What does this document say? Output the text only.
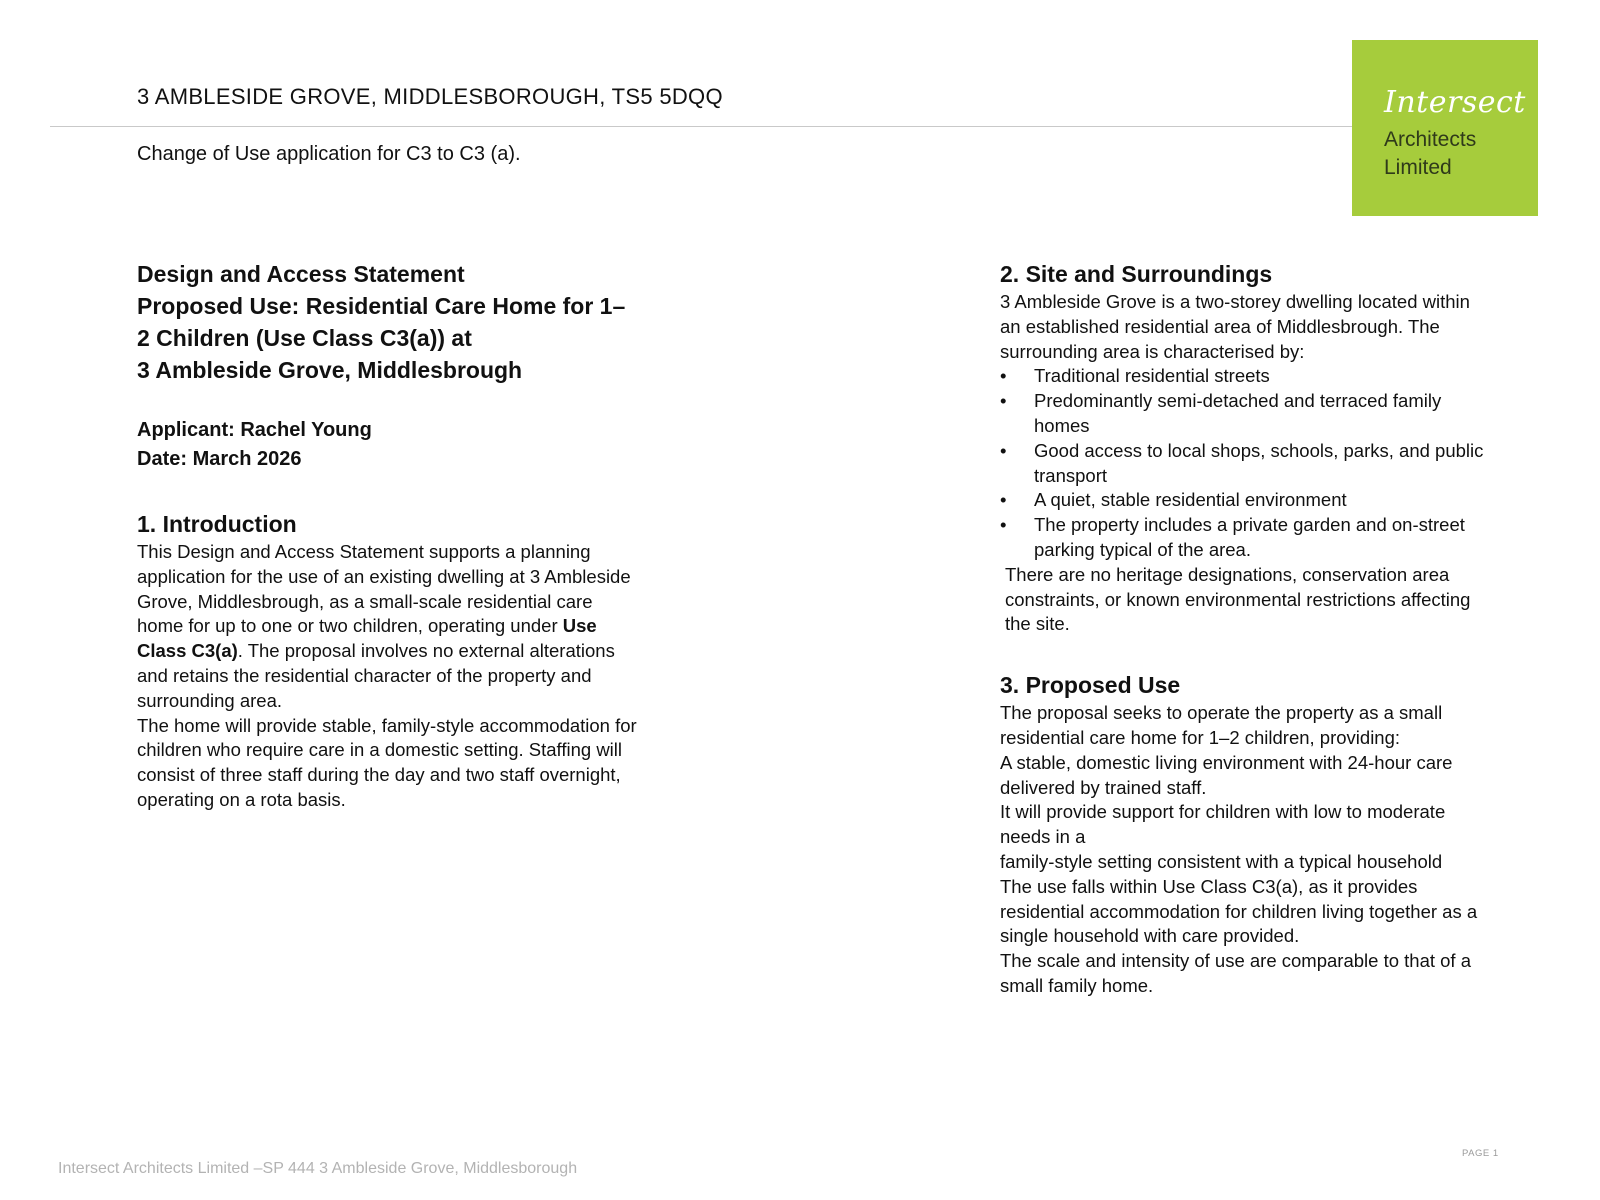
3 AMBLESIDE GROVE, MIDDLESBOROUGH, TS5 5DQQ
Change of Use application for C3 to C3 (a).
Intersect
Architects
Limited
Design and Access Statement
Proposed Use: Residential Care Home for 1–
2 Children (Use Class C3(a)) at
3 Ambleside Grove, Middlesbrough
Applicant: Rachel Young
Date: March 2026
1. Introduction

This Design and Access Statement supports a planning application for the use of an existing dwelling at 3 Ambleside Grove, Middlesbrough, as a small-scale residential care home for up to one or two children, operating under Use Class C3(a). The proposal involves no external alterations and retains the residential character of the property and surrounding area.

The home will provide stable, family-style accommodation for children who require care in a domestic setting. Staffing will consist of three staff during the day and two staff overnight, operating on a rota basis.

2. Site and Surroundings

3 Ambleside Grove is a two-storey dwelling located within an established residential area of Middlesbrough. The surrounding area is characterised by:

• Traditional residential streets
• Predominantly semi-detached and terraced family homes
• Good access to local shops, schools, parks, and public transport
• A quiet, stable residential environment
• The property includes a private garden and on-street parking typical of the area.

There are no heritage designations, conservation area constraints, or known environmental restrictions affecting the site.

3. Proposed Use

The proposal seeks to operate the property as a small residential care home for 1–2 children, providing:

A stable, domestic living environment with 24-hour care delivered by trained staff.

It will provide support for children with low to moderate needs in a

family-style setting consistent with a typical household

The use falls within Use Class C3(a), as it provides residential accommodation for children living together as a single household with care provided.

The scale and intensity of use are comparable to that of a small family home.

PAGE 1
Intersect Architects Limited –SP 444 3 Ambleside Grove, Middlesborough
